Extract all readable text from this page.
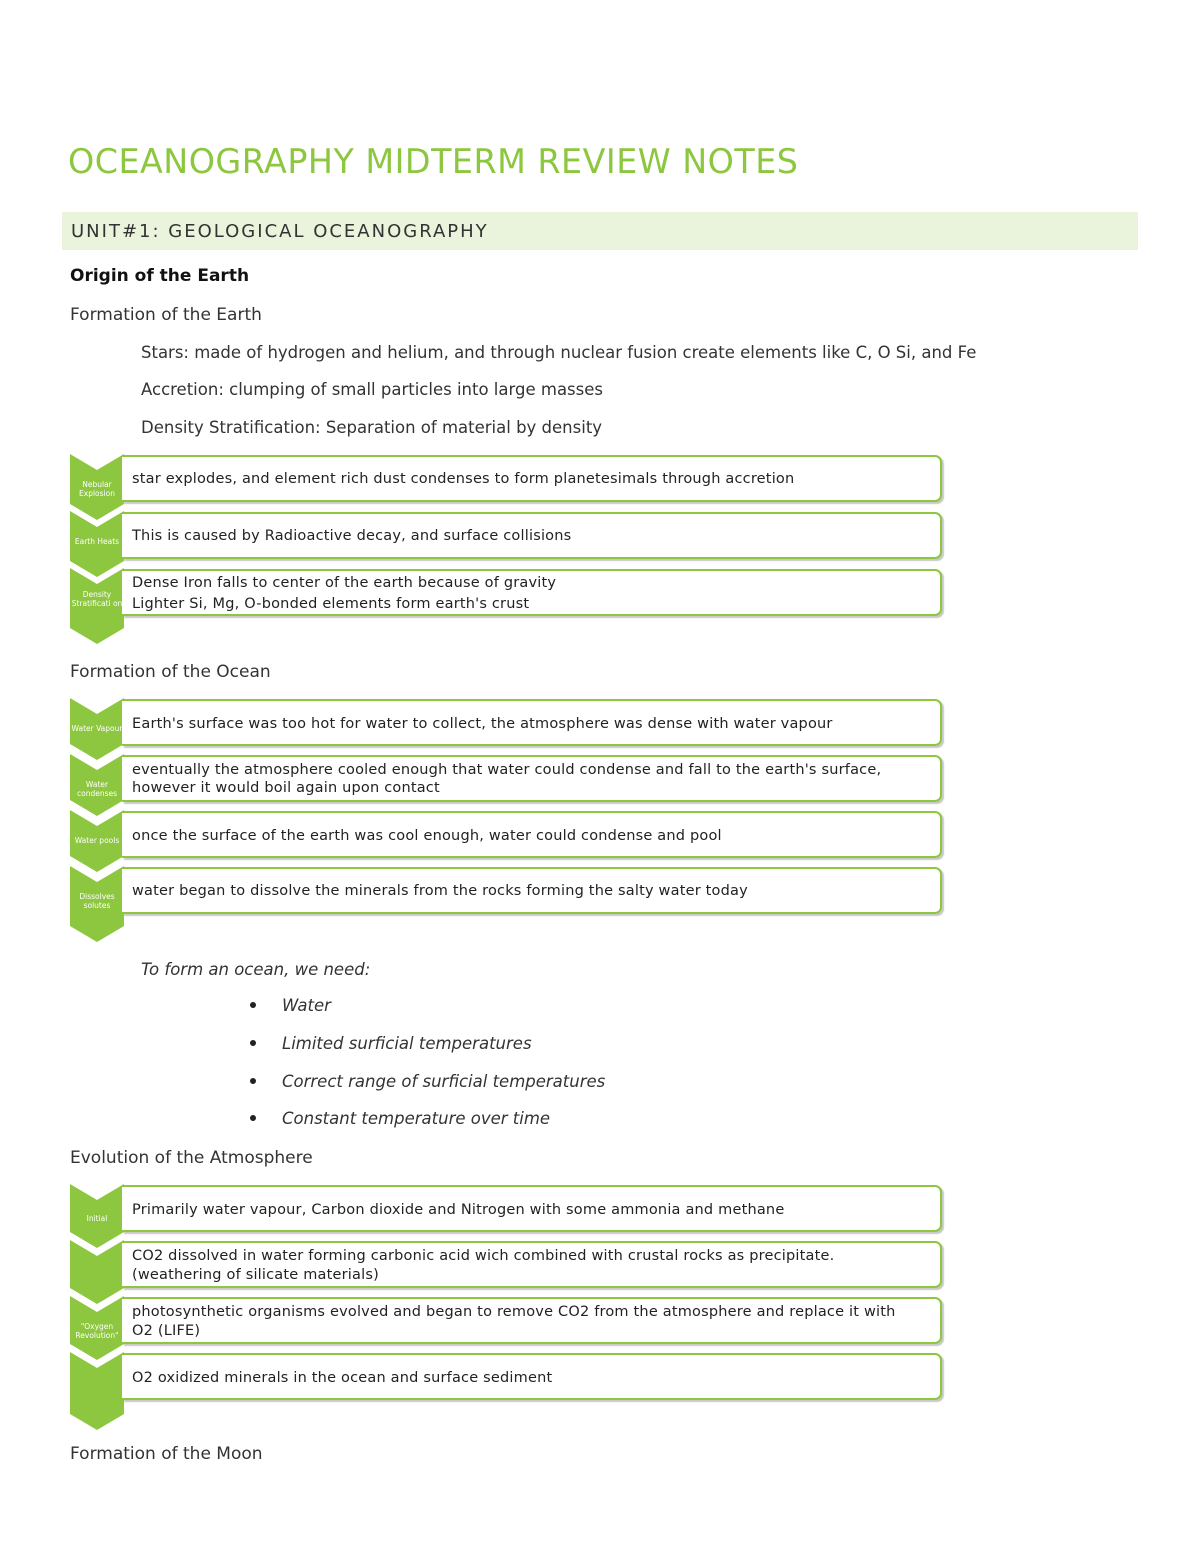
OCEANOGRAPHY MIDTERM REVIEW NOTES
UNIT#1: GEOLOGICAL OCEANOGRAPHY
Origin of the Earth
Formation of the Earth
Stars: made of hydrogen and helium, and through nuclear fusion create elements like C, O Si, and Fe
Accretion: clumping of small particles into large masses
Density Stratification: Separation of material by density
Nebular Explosion
star explodes, and element rich dust condenses to form planetesimals through accretion
Earth Heats This is caused by Radioactive decay, and surface collisions
Density Stratificati on
Dense Iron falls to center of the earth because of gravity
Lighter Si, Mg, O-bonded elements form earth's crust
Formation of the Ocean
Water Vapour Earth's surface was too hot for water to collect, the atmosphere was dense with water vapour
Water condenses
eventually the atmosphere cooled enough that water could condense and fall to the earth's surface,
however it would boil again upon contact
Water pools once the surface of the earth was cool enough, water could condense and pool
Dissolves solutes
water began to dissolve the minerals from the rocks forming the salty water today
To form an ocean, we need:
Water
Limited surficial temperatures
Correct range of surficial temperatures
Constant temperature over time
Evolution of the Atmosphere
Initial
Primarily water vapour, Carbon dioxide and Nitrogen with some ammonia and methane
CO2 dissolved in water forming carbonic acid wich combined with crustal rocks as precipitate.
(weathering of silicate materials)
"Oxygen Revolution"
photosynthetic organisms evolved and began to remove CO2 from the atmosphere and replace it with
O2 (LIFE)
O2 oxidized minerals in the ocean and surface sediment
Formation of the Moon
